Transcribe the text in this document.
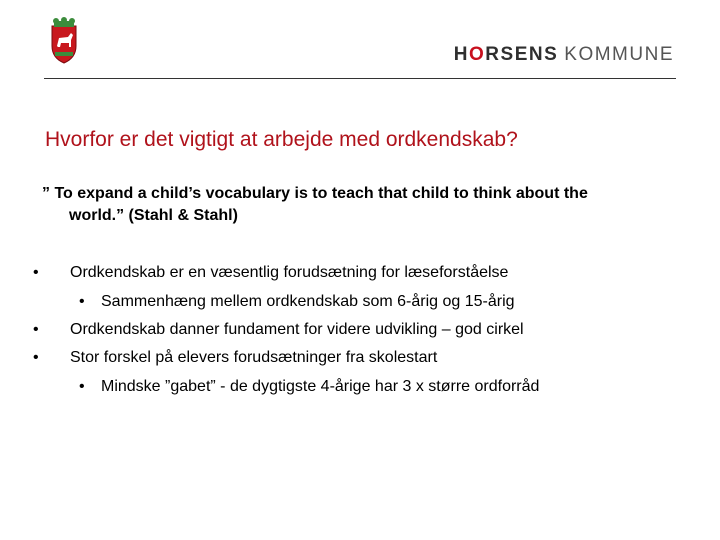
HORSENS KOMMUNE
Hvorfor er det vigtigt at arbejde med ordkendskab?
” To expand a child’s vocabulary is to teach that child to think about the
world.” (Stahl & Stahl)
• Ordkendskab er en væsentlig forudsætning for læseforståelse
• Sammenhæng mellem ordkendskab som 6-årig og 15-årig
• Ordkendskab danner fundament for videre udvikling – god cirkel
• Stor forskel på elevers forudsætninger fra skolestart
• Mindske ”gabet” - de dygtigste 4-årige har 3 x større ordforråd
